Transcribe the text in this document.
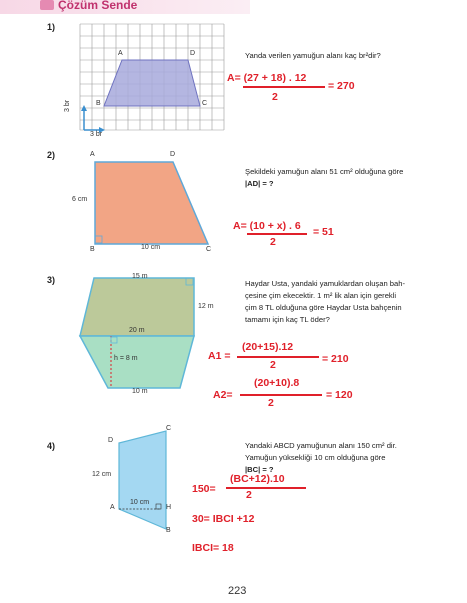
Çözüm Sende
1)
A	D
B	C
3 br
3 br
Yanda verilen yamuğun alanı kaç br²dir?
A= (27 + 18) . 12
= 270
2
2)	A	D
B	C
6 cm
10 cm
Şekildeki yamuğun alanı 51 cm² olduğuna göre
|AD| = ?
A= (10 + x) . 6 = 51
2
3)	15 m
12 m
20 m
h = 8 m
10 m
Haydar Usta, yandaki yamuklardan oluşan bah-
çesine çim ekecektir. 1 m² lik alan için gerekli
çim 8 TL olduğuna göre Haydar Usta bahçenin
tamamı için kaç TL öder?
A1 =
(20+15).12
= 210
2
A2=
(20+10).8
= 120
2
4)
D
C
A	H
B
12 cm
10 cm
Yandaki ABCD yamuğunun alanı 150 cm² dir.
Yamuğun yüksekliği 10 cm olduğuna göre
|BC| = ?
150=
(BC+12).10
2
30= IBCI +12
IBCI= 18
223
